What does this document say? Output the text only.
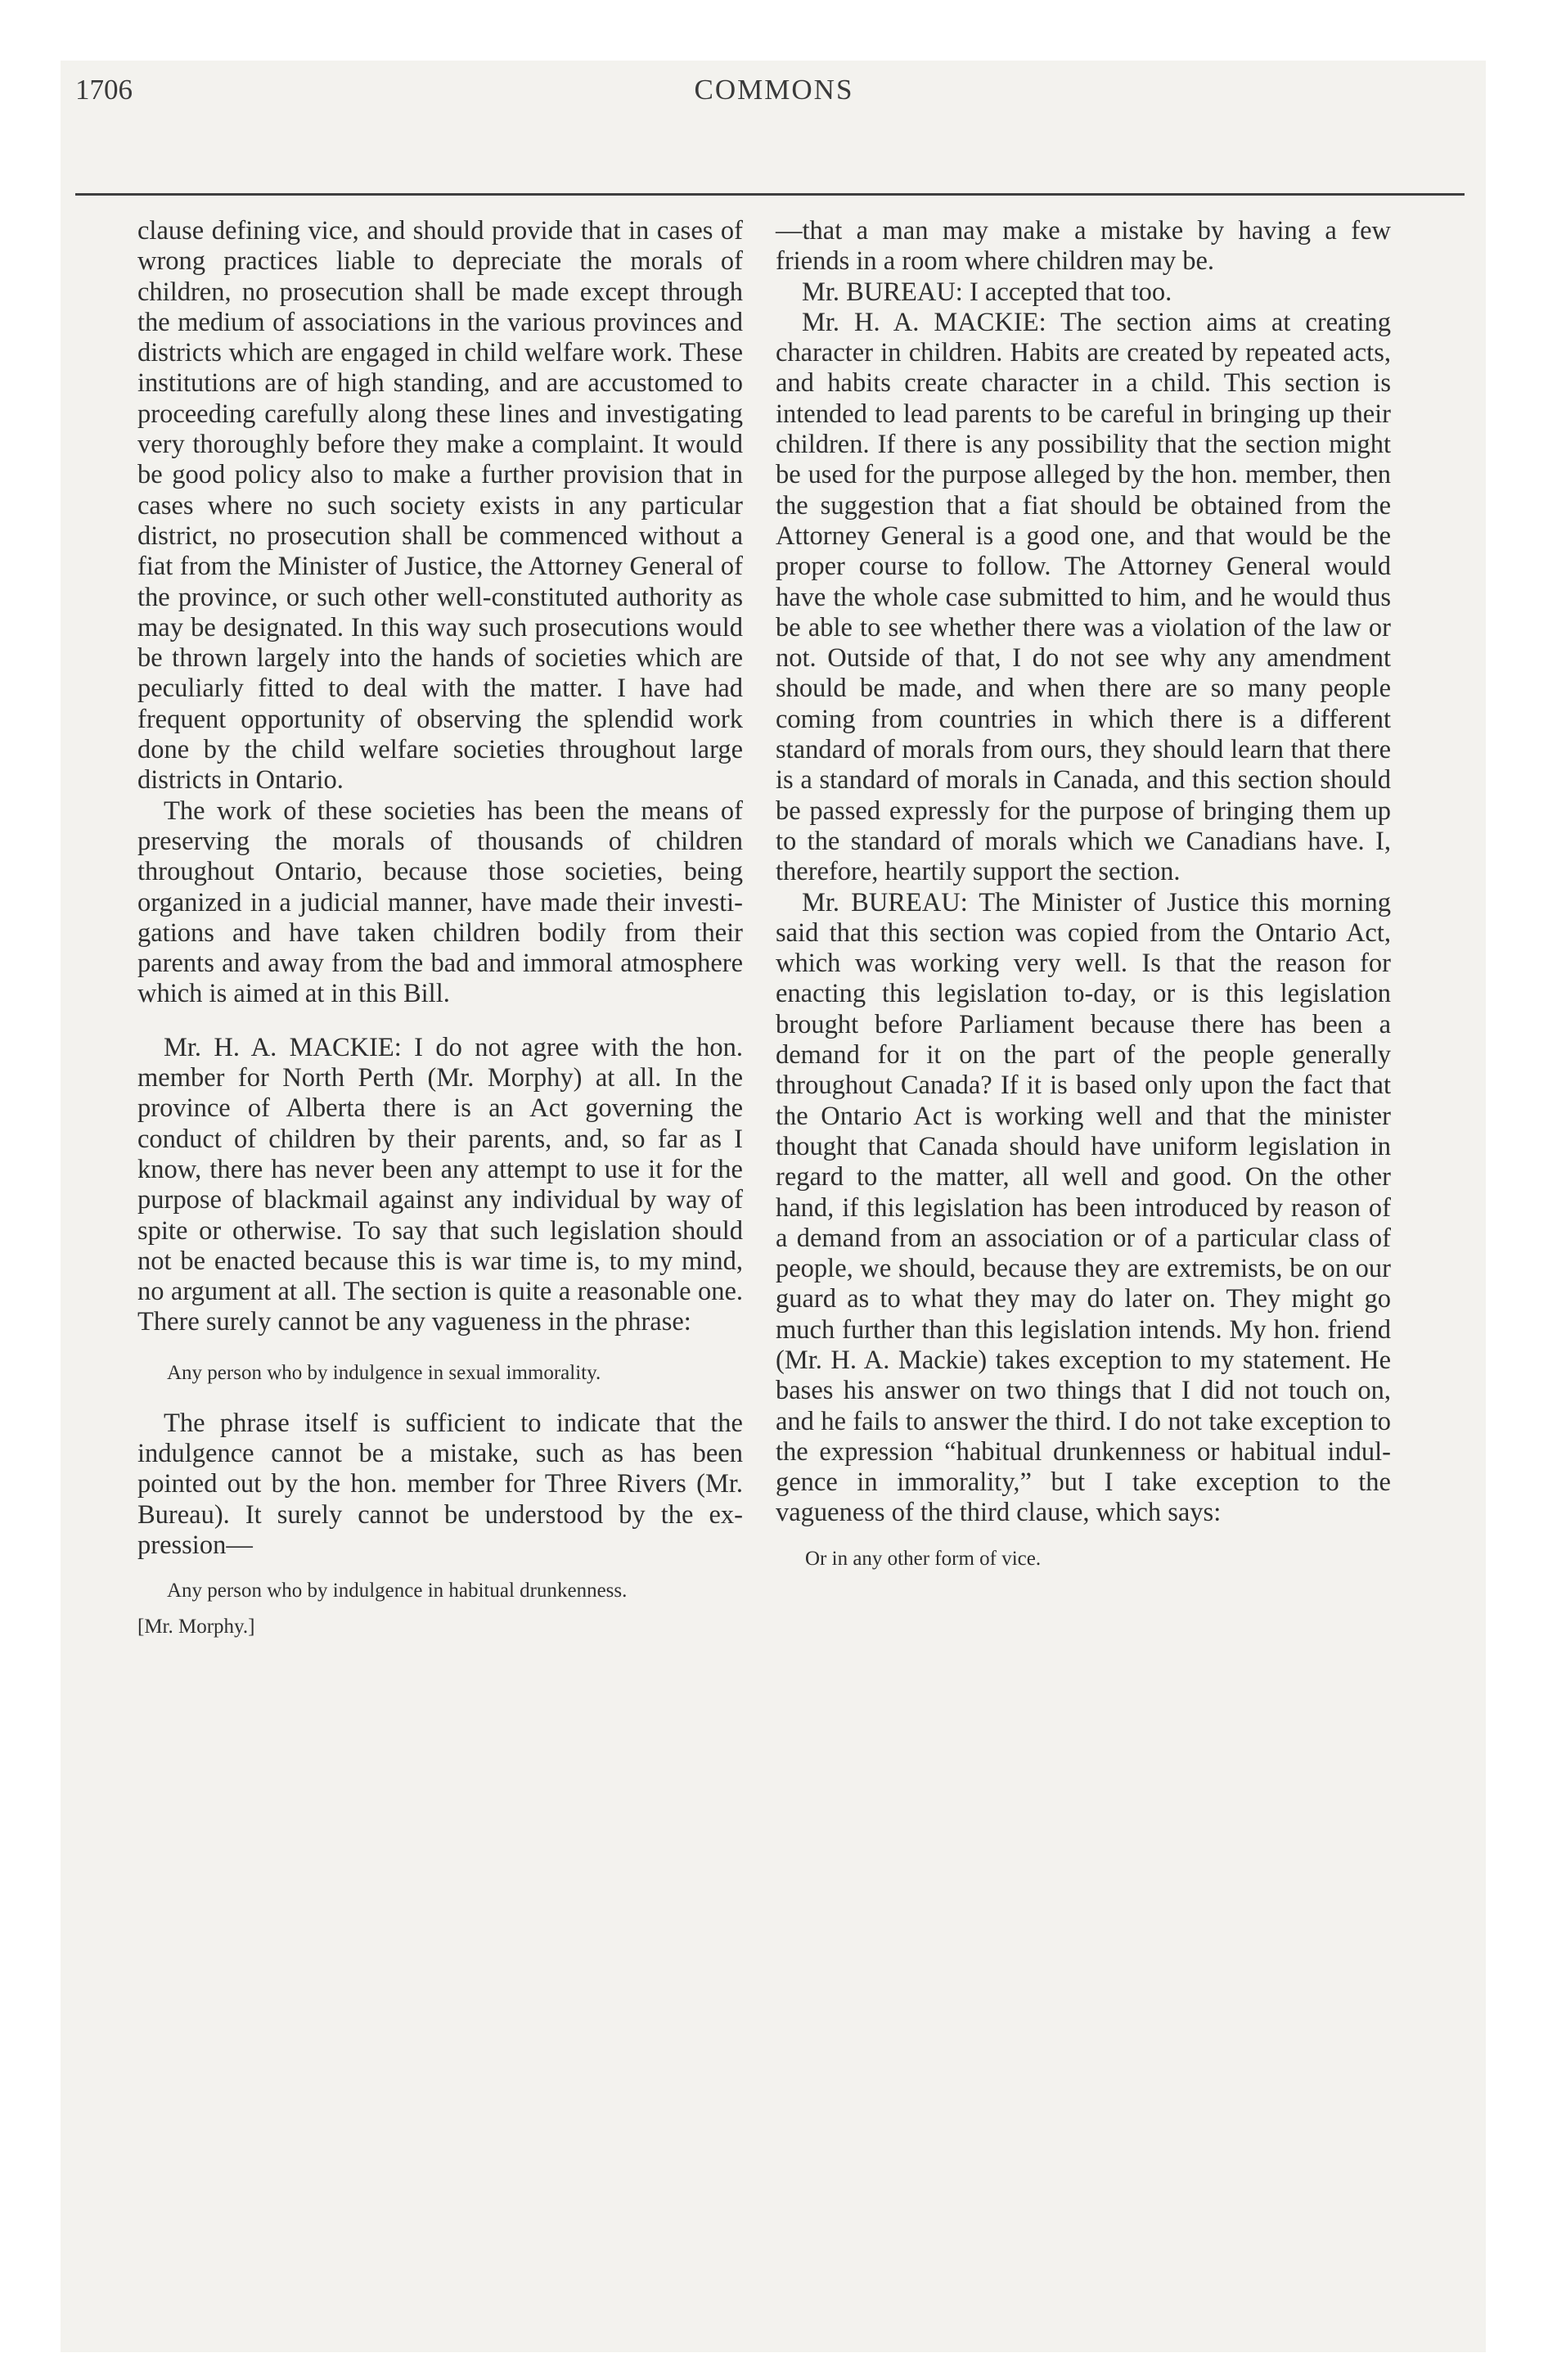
1706	COMMONS

clause defining vice, and should provide that in cases of wrong practices liable to depreciate the morals of children, no prosecution shall be made except through the medium of associations in the various provinces and districts which are engaged in child welfare work. These institutions are of high standing, and are accustomed to proceeding carefully along these lines and investigating very thoroughly before they make a complaint. It would be good policy also to make a further provision that in cases where no such society exists in any particular district, no prosecution shall be commenced without a fiat from the Minister of Justice, the Attorney General of the province, or such other well-constituted authority as may be designated. In this way such prosecutions would be thrown largely into the hands of societies which are peculiarly fitted to deal with the matter. I have had frequent opportunity of observing the splendid work done by the child welfare societies throughout large districts in Ontario.

The work of these societies has been the means of preserving the morals of thousands of children throughout Ontario, because those societies, being organized in a judicial manner, have made their investigations and have taken children bodily from their parents and away from the bad and immoral atmosphere which is aimed at in this Bill.

Mr. H. A. MACKIE: I do not agree with the hon. member for North Perth (Mr. Morphy) at all. In the province of Alberta there is an Act governing the conduct of children by their parents, and, so far as I know, there has never been any attempt to use it for the purpose of blackmail against any individual by way of spite or otherwise. To say that such legislation should not be enacted because this is war time is, to my mind, no argument at all. The section is quite a reasonable one. There surely cannot be any vagueness in the phrase:

Any person who by indulgence in sexual immorality.

The phrase itself is sufficient to indicate that the indulgence cannot be a mistake, such as has been pointed out by the hon. member for Three Rivers (Mr. Bureau). It surely cannot be understood by the expression—

Any person who by indulgence in habitual drunkenness.
[Mr. Morphy.]

—that a man may make a mistake by having a few friends in a room where children may be.

Mr. BUREAU: I accepted that too.

Mr. H. A. MACKIE: The section aims at creating character in children. Habits are created by repeated acts, and habits create character in a child. This section is intended to lead parents to be careful in bringing up their children. If there is any possibility that the section might be used for the purpose alleged by the hon. member, then the suggestion that a fiat should be obtained from the Attorney General is a good one, and that would be the proper course to follow. The Attorney General would have the whole case submitted to him, and he would thus be able to see whether there was a violation of the law or not. Outside of that, I do not see why any amendment should be made, and when there are so many people coming from countries in which there is a different standard of morals from ours, they should learn that there is a standard of morals in Canada, and this section should be passed expressly for the purpose of bringing them up to the standard of morals which we Canadians have. I, therefore, heartily support the section.

Mr. BUREAU: The Minister of Justice this morning said that this section was copied from the Ontario Act, which was working very well. Is that the reason for enacting this legislation to-day, or is this legislation brought before Parliament because there has been a demand for it on the part of the people generally throughout Canada? If it is based only upon the fact that the Ontario Act is working well and that the minister thought that Canada should have uniform legislation in regard to the matter, all well and good. On the other hand, if this legislation has been introduced by reason of a demand from an association or of a particular class of people, we should, because they are extremists, be on our guard as to what they may do later on. They might go much further than this legislation intends. My hon. friend (Mr. H. A. Mackie) takes exception to my statement. He bases his answer on two things that I did not touch on, and he fails to answer the third. I do not take exception to the expression “habitual drunkenness or habitual indulgence in immorality,” but I take exception to the vagueness of the third clause, which says:

Or in any other form of vice.
